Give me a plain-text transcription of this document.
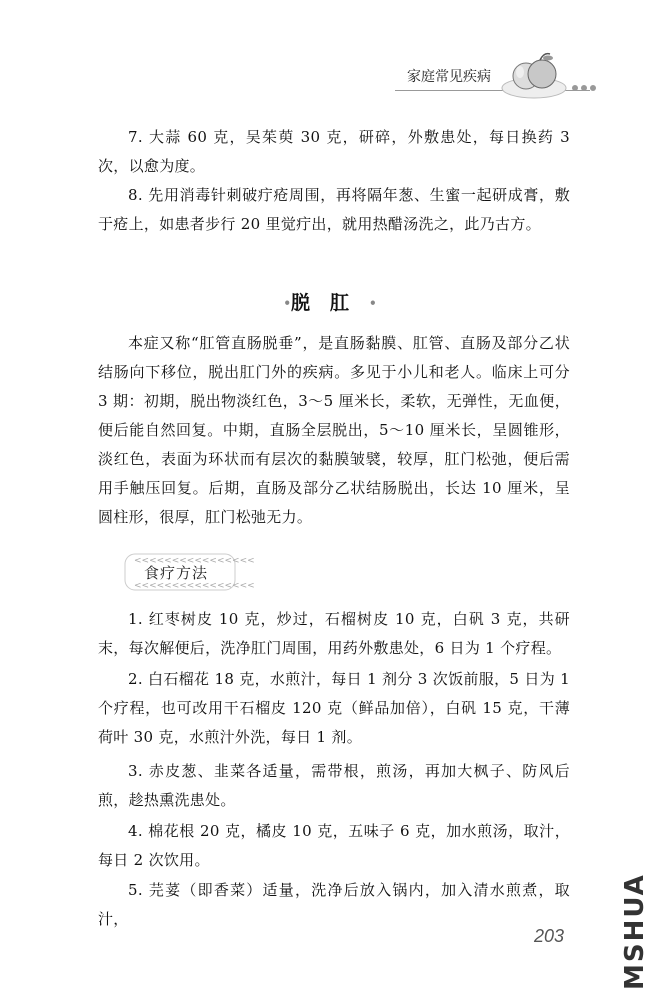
家庭常见疾病

7. 大蒜 60 克，吴茱萸 30 克，研碎，外敷患处，每日换药 3 次，以愈为度。

8. 先用消毒针刺破疔疮周围，再将隔年葱、生蜜一起研成膏，敷于疮上，如患者步行 20 里觉疔出，就用热醋汤洗之，此乃古方。

•脱肛•

本症又称“肛管直肠脱垂”，是直肠黏膜、肛管、直肠及部分乙状结肠向下移位，脱出肛门外的疾病。多见于小儿和老人。临床上可分 3 期：初期，脱出物淡红色，3～5 厘米长，柔软，无弹性，无血便，便后能自然回复。中期，直肠全层脱出，5～10 厘米长，呈圆锥形，淡红色，表面为环状而有层次的黏膜皱襞，较厚，肛门松弛，便后需用手触压回复。后期，直肠及部分乙状结肠脱出，长达 10 厘米，呈圆柱形，很厚，肛门松弛无力。

<<<<<<<<<<<<<<<<
<<<<<<<<<<<<<<<<
食疗方法

1. 红枣树皮 10 克，炒过，石榴树皮 10 克，白矾 3 克，共研末，每次解便后，洗净肛门周围，用药外敷患处，6 日为 1 个疗程。

2. 白石榴花 18 克，水煎汁，每日 1 剂分 3 次饭前服，5 日为 1 个疗程，也可改用干石榴皮 120 克（鲜品加倍），白矾 15 克，干薄荷叶 30 克，水煎汁外洗，每日 1 剂。

3. 赤皮葱、韭菜各适量，需带根，煎汤，再加大枫子、防风后煎，趁热熏洗患处。

4. 棉花根 20 克，橘皮 10 克，五味子 6 克，加水煎汤，取汁，每日 2 次饮用。

5. 芫荽（即香菜）适量，洗净后放入锅内，加入清水煎煮，取汁，

203 MSHUA
